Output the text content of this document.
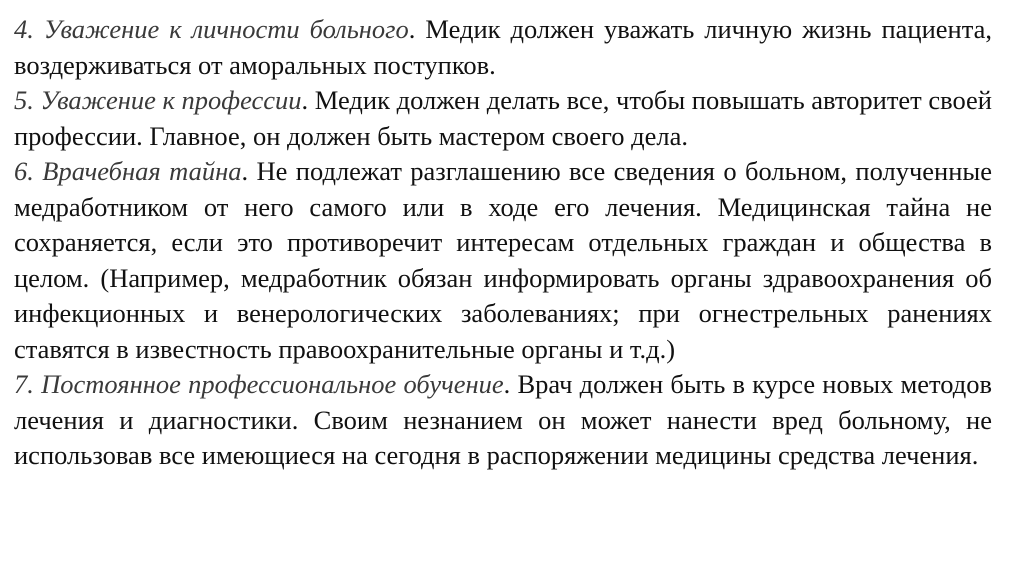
4. Уважение к личности больного. Медик должен уважать личную жизнь пациента, воздерживаться от аморальных поступков.

5. Уважение к профессии. Медик должен делать все, чтобы повышать авторитет своей профессии. Главное, он должен быть мастером своего дела.

6. Врачебная тайна. Не подлежат разглашению все сведения о больном, полученные медработником от него самого или в ходе его лечения. Медицинская тайна не сохраняется, если это противоречит интересам отдельных граждан и общества в целом. (Например, медработник обязан информировать органы здравоохранения об инфекционных и венерологических заболеваниях; при огнестрельных ранениях ставятся в известность правоохранительные органы и т.д.)

7. Постоянное профессиональное обучение. Врач должен быть в курсе новых методов лечения и диагностики. Своим незнанием он может нанести вред больному, не использовав все имеющиеся на сегодня в распоряжении медицины средства лечения.
